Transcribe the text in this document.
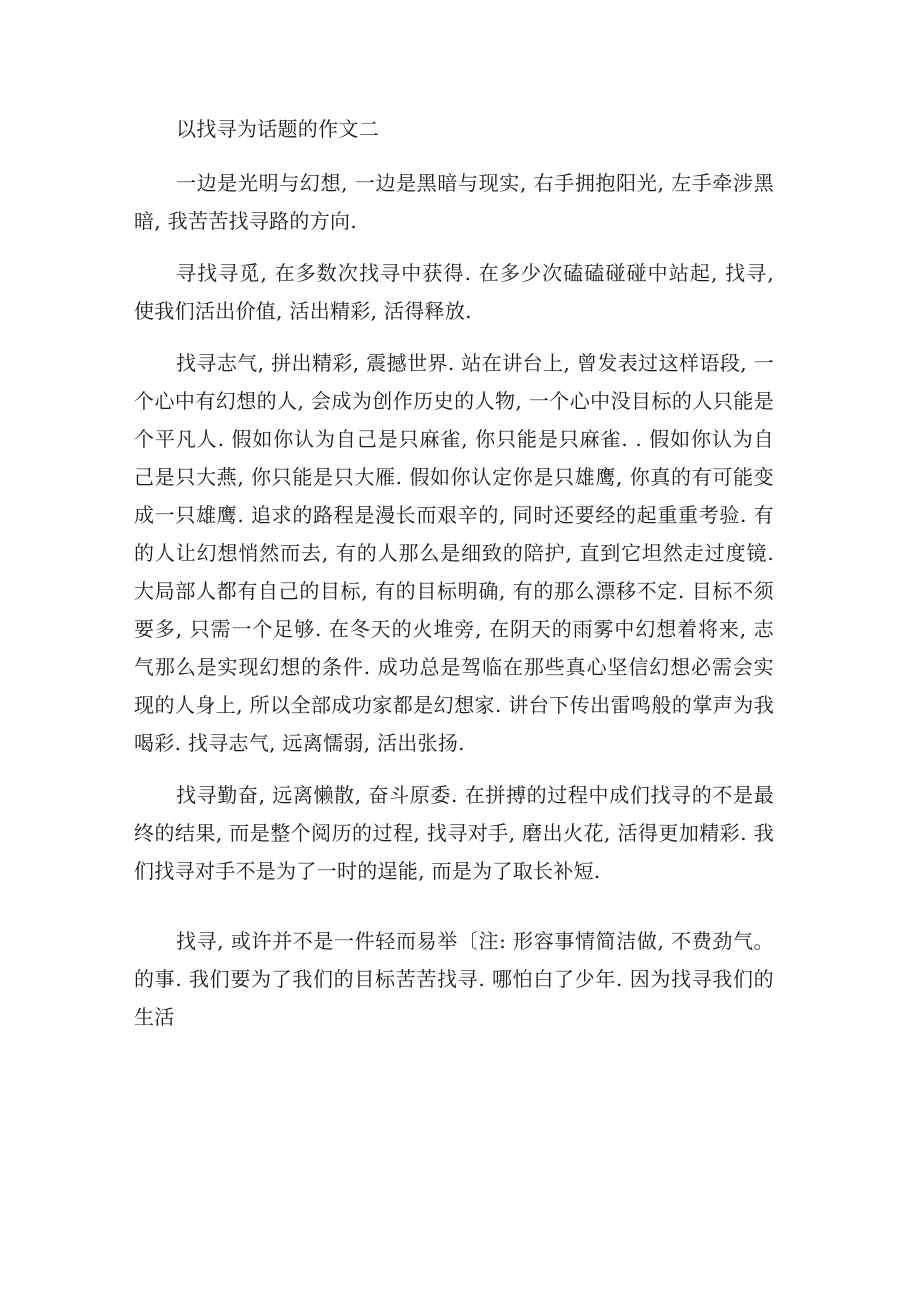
以找寻为话题的作文二

一边是光明与幻想, 一边是黑暗与现实, 右手拥抱阳光, 左手牵涉黑暗, 我苦苦找寻路的方向.

寻找寻觅, 在多数次找寻中获得. 在多少次磕磕碰碰中站起, 找寻, 使我们活出价值, 活出精彩, 活得释放.

找寻志气, 拼出精彩, 震撼世界. 站在讲台上, 曾发表过这样语段, 一个心中有幻想的人, 会成为创作历史的人物, 一个心中没目标的人只能是个平凡人. 假如你认为自己是只麻雀, 你只能是只麻雀. . 假如你认为自己是只大燕, 你只能是只大雁. 假如你认定你是只雄鹰, 你真的有可能变成一只雄鹰. 追求的路程是漫长而艰辛的, 同时还要经的起重重考验. 有的人让幻想悄然而去, 有的人那么是细致的陪护, 直到它坦然走过度镜. 大局部人都有自己的目标, 有的目标明确, 有的那么漂移不定. 目标不须要多, 只需一个足够. 在冬天的火堆旁, 在阴天的雨雾中幻想着将来, 志气那么是实现幻想的条件. 成功总是驾临在那些真心坚信幻想必需会实现的人身上, 所以全部成功家都是幻想家. 讲台下传出雷鸣般的掌声为我喝彩. 找寻志气, 远离懦弱, 活出张扬.

找寻勤奋, 远离懒散, 奋斗原委. 在拼搏的过程中成们找寻的不是最终的结果, 而是整个阅历的过程, 找寻对手, 磨出火花, 活得更加精彩. 我们找寻对手不是为了一时的逞能, 而是为了取长补短.

找寻, 或许并不是一件轻而易举〔注: 形容事情简洁做, 不费劲气。的事. 我们要为了我们的目标苦苦找寻. 哪怕白了少年. 因为找寻我们的生活
